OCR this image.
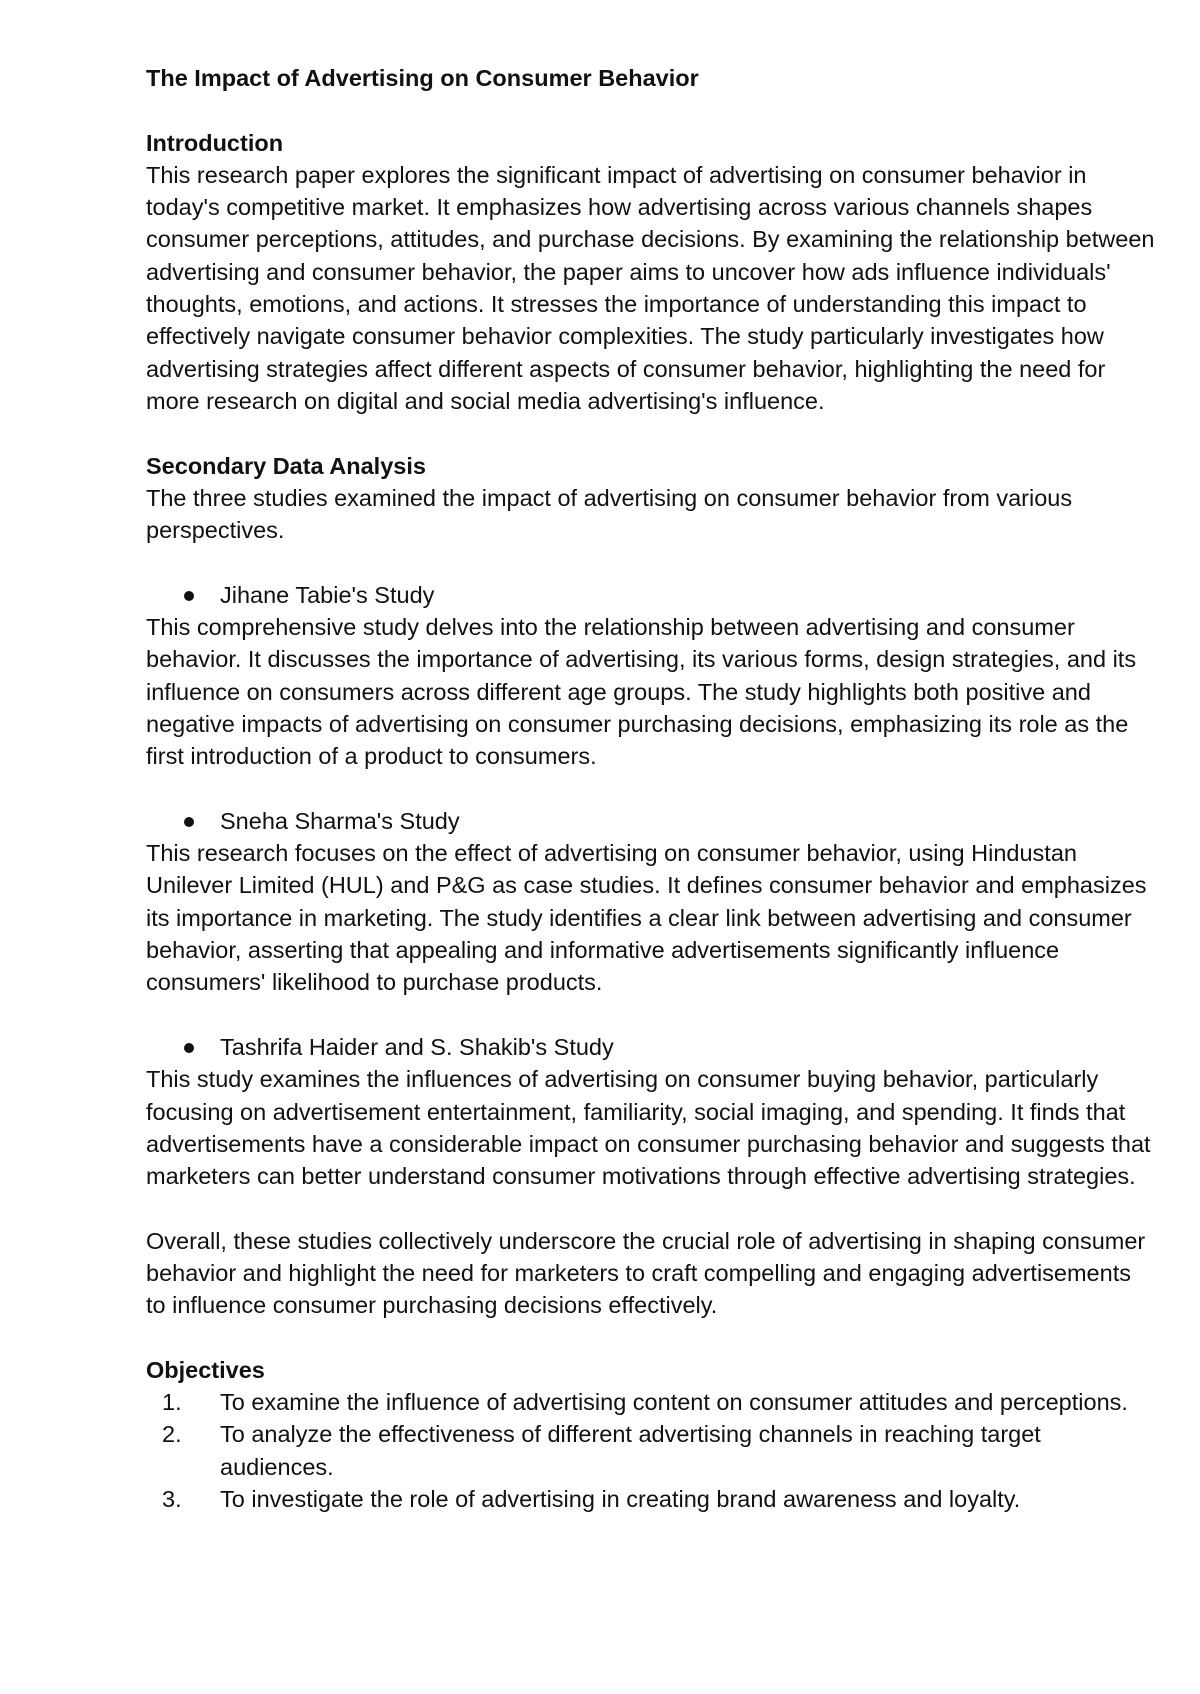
The Impact of Advertising on Consumer Behavior

Introduction

This research paper explores the significant impact of advertising on consumer behavior in today's competitive market. It emphasizes how advertising across various channels shapes consumer perceptions, attitudes, and purchase decisions. By examining the relationship between advertising and consumer behavior, the paper aims to uncover how ads influence individuals' thoughts, emotions, and actions. It stresses the importance of understanding this impact to effectively navigate consumer behavior complexities. The study particularly investigates how advertising strategies affect different aspects of consumer behavior, highlighting the need for more research on digital and social media advertising's influence.

Secondary Data Analysis

The three studies examined the impact of advertising on consumer behavior from various perspectives.

Jihane Tabie's Study

This comprehensive study delves into the relationship between advertising and consumer behavior. It discusses the importance of advertising, its various forms, design strategies, and its influence on consumers across different age groups. The study highlights both positive and negative impacts of advertising on consumer purchasing decisions, emphasizing its role as the first introduction of a product to consumers.

Sneha Sharma's Study

This research focuses on the effect of advertising on consumer behavior, using Hindustan Unilever Limited (HUL) and P&G as case studies. It defines consumer behavior and emphasizes its importance in marketing. The study identifies a clear link between advertising and consumer behavior, asserting that appealing and informative advertisements significantly influence consumers' likelihood to purchase products.

Tashrifa Haider and S. Shakib's Study

This study examines the influences of advertising on consumer buying behavior, particularly focusing on advertisement entertainment, familiarity, social imaging, and spending. It finds that advertisements have a considerable impact on consumer purchasing behavior and suggests that marketers can better understand consumer motivations through effective advertising strategies.

Overall, these studies collectively underscore the crucial role of advertising in shaping consumer behavior and highlight the need for marketers to craft compelling and engaging advertisements to influence consumer purchasing decisions effectively.

Objectives

1. To examine the influence of advertising content on consumer attitudes and perceptions.
2. To analyze the effectiveness of different advertising channels in reaching target audiences.
3. To investigate the role of advertising in creating brand awareness and loyalty.
